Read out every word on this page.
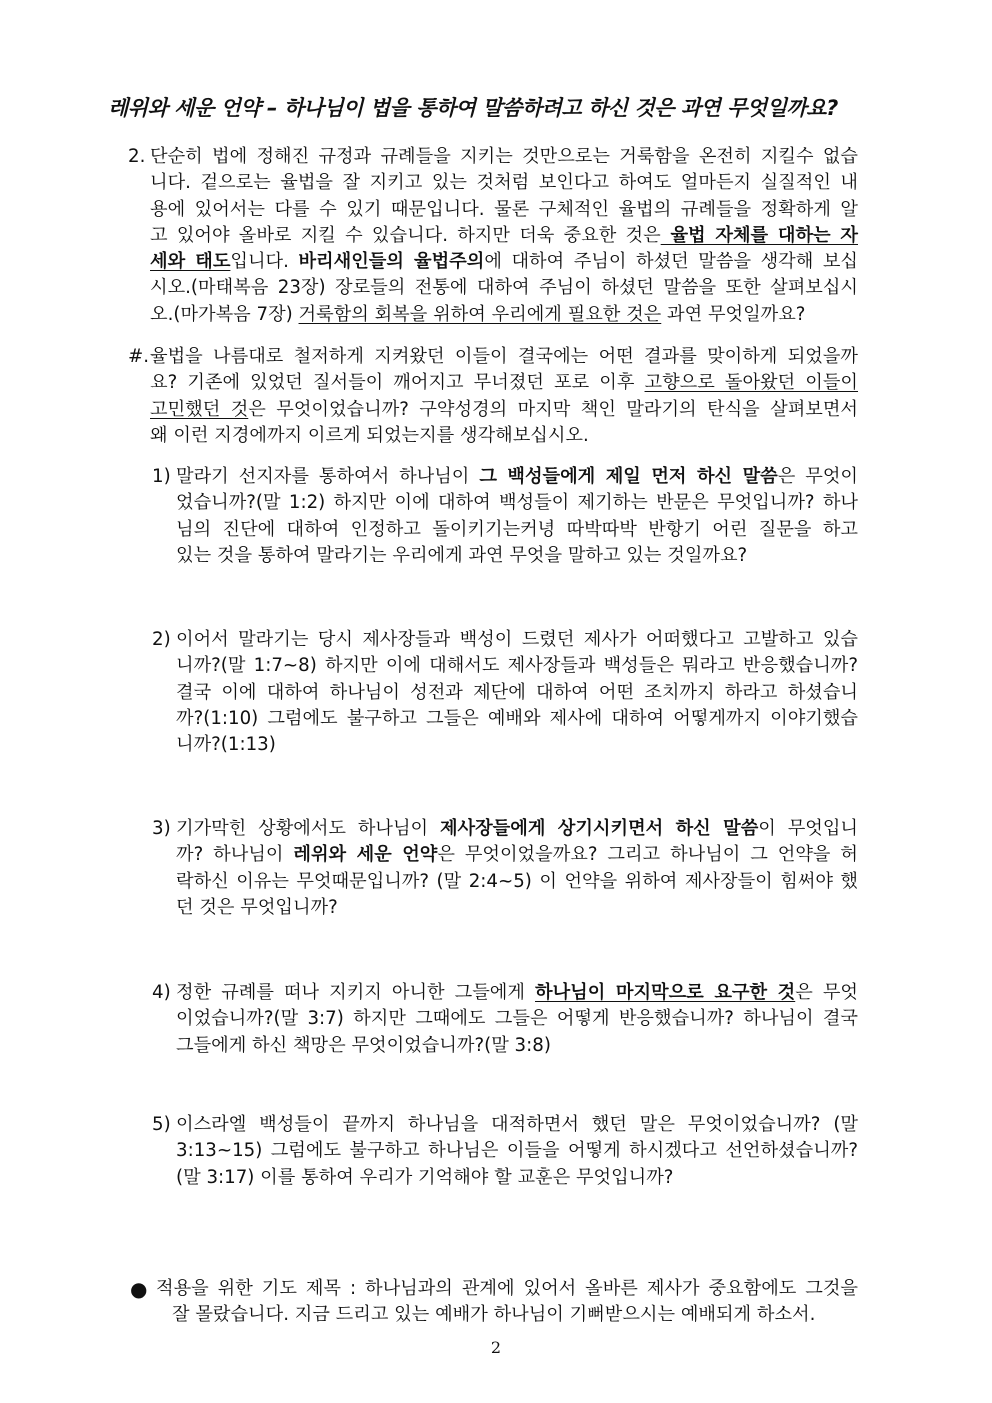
레위와 세운 언약 – 하나님이 법을 통하여 말씀하려고 하신 것은 과연 무엇일까요?
2. 단순히 법에 정해진 규정과 규례들을 지키는 것만으로는 거룩함을 온전히 지킬수 없습
니다. 겉으로는 율법을 잘 지키고 있는 것처럼 보인다고 하여도 얼마든지 실질적인 내
용에 있어서는 다를 수 있기 때문입니다. 물론 구체적인 율법의 규례들을 정확하게 알
고 있어야 올바로 지킬 수 있습니다. 하지만 더욱 중요한 것은 율법 자체를 대하는 자
세와 태도입니다. 바리새인들의 율법주의에 대하여 주님이 하셨던 말씀을 생각해 보십
시오.(마태복음 23장) 장로들의 전통에 대하여 주님이 하셨던 말씀을 또한 살펴보십시
오.(마가복음 7장) 거룩함의 회복을 위하여 우리에게 필요한 것은 과연 무엇일까요?
#. 율법을 나름대로 철저하게 지켜왔던 이들이 결국에는 어떤 결과를 맞이하게 되었을까
요? 기존에 있었던 질서들이 깨어지고 무너졌던 포로 이후 고향으로 돌아왔던 이들이
고민했던 것은 무엇이었습니까? 구약성경의 마지막 책인 말라기의 탄식을 살펴보면서
왜 이런 지경에까지 이르게 되었는지를 생각해보십시오.
1) 말라기 선지자를 통하여서 하나님이 그 백성들에게 제일 먼저 하신 말씀은 무엇이
었습니까?(말 1:2) 하지만 이에 대하여 백성들이 제기하는 반문은 무엇입니까? 하나
님의 진단에 대하여 인정하고 돌이키기는커녕 따박따박 반항기 어린 질문을 하고
있는 것을 통하여 말라기는 우리에게 과연 무엇을 말하고 있는 것일까요?
2) 이어서 말라기는 당시 제사장들과 백성이 드렸던 제사가 어떠했다고 고발하고 있습
니까?(말 1:7~8) 하지만 이에 대해서도 제사장들과 백성들은 뭐라고 반응했습니까?
결국 이에 대하여 하나님이 성전과 제단에 대하여 어떤 조치까지 하라고 하셨습니
까?(1:10) 그럼에도 불구하고 그들은 예배와 제사에 대하여 어떻게까지 이야기했습
니까?(1:13)
3) 기가막힌 상황에서도 하나님이 제사장들에게 상기시키면서 하신 말씀이 무엇입니
까? 하나님이 레위와 세운 언약은 무엇이었을까요? 그리고 하나님이 그 언약을 허
락하신 이유는 무엇때문입니까? (말 2:4~5) 이 언약을 위하여 제사장들이 힘써야 했
던 것은 무엇입니까?
4) 정한 규례를 떠나 지키지 아니한 그들에게 하나님이 마지막으로 요구한 것은 무엇
이었습니까?(말 3:7) 하지만 그때에도 그들은 어떻게 반응했습니까? 하나님이 결국
그들에게 하신 책망은 무엇이었습니까?(말 3:8)
5) 이스라엘 백성들이 끝까지 하나님을 대적하면서 했던 말은 무엇이었습니까? (말
3:13~15) 그럼에도 불구하고 하나님은 이들을 어떻게 하시겠다고 선언하셨습니까?
(말 3:17) 이를 통하여 우리가 기억해야 할 교훈은 무엇입니까?
● 적용을 위한 기도 제목 : 하나님과의 관계에 있어서 올바른 제사가 중요함에도 그것을
잘 몰랐습니다. 지금 드리고 있는 예배가 하나님이 기뻐받으시는 예배되게 하소서.
2
